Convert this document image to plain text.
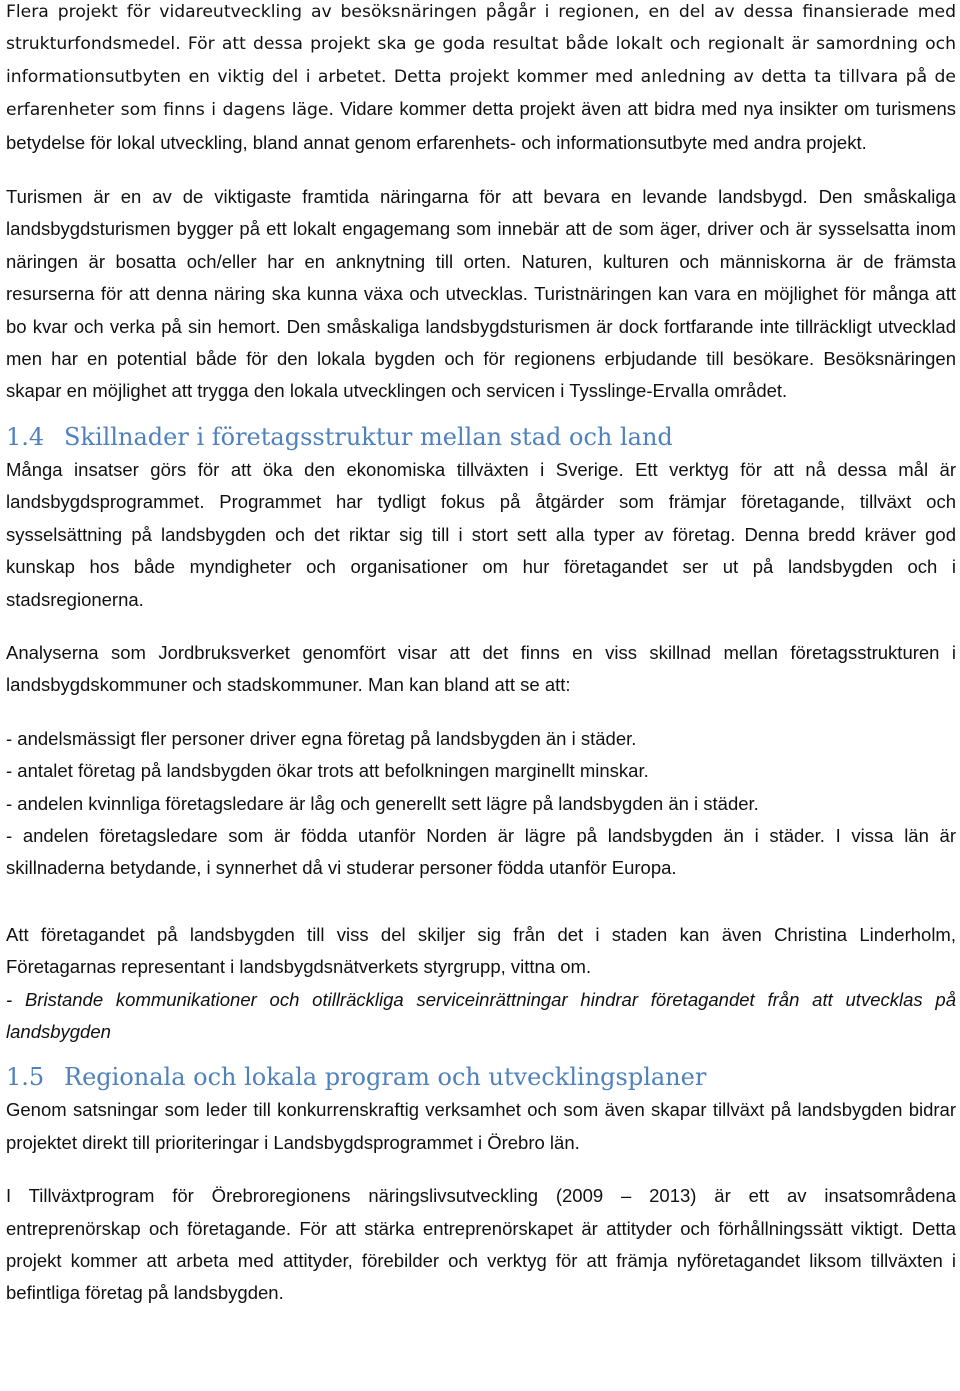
Flera projekt för vidareutveckling av besöksnäringen pågår i regionen, en del av dessa finansierade med strukturfondsmedel. För att dessa projekt ska ge goda resultat både lokalt och regionalt är samordning och informationsutbyten en viktig del i arbetet. Detta projekt kommer med anledning av detta ta tillvara på de erfarenheter som finns i dagens läge. Vidare kommer detta projekt även att bidra med nya insikter om turismens betydelse för lokal utveckling, bland annat genom erfarenhets- och informationsutbyte med andra projekt.

Turismen är en av de viktigaste framtida näringarna för att bevara en levande landsbygd. Den småskaliga landsbygdsturismen bygger på ett lokalt engagemang som innebär att de som äger, driver och är sysselsatta inom näringen är bosatta och/eller har en anknytning till orten. Naturen, kulturen och människorna är de främsta resurserna för att denna näring ska kunna växa och utvecklas. Turistnäringen kan vara en möjlighet för många att bo kvar och verka på sin hemort. Den småskaliga landsbygdsturismen är dock fortfarande inte tillräckligt utvecklad men har en potential både för den lokala bygden och för regionens erbjudande till besökare. Besöksnäringen skapar en möjlighet att trygga den lokala utvecklingen och servicen i Tysslinge-Ervalla området.

1.4 Skillnader i företagsstruktur mellan stad och land

Många insatser görs för att öka den ekonomiska tillväxten i Sverige. Ett verktyg för att nå dessa mål är landsbygdsprogrammet. Programmet har tydligt fokus på åtgärder som främjar företagande, tillväxt och sysselsättning på landsbygden och det riktar sig till i stort sett alla typer av företag. Denna bredd kräver god kunskap hos både myndigheter och organisationer om hur företagandet ser ut på landsbygden och i stadsregionerna.

Analyserna som Jordbruksverket genomfört visar att det finns en viss skillnad mellan företagsstrukturen i landsbygdskommuner och stadskommuner. Man kan bland att se att:

- andelsmässigt fler personer driver egna företag på landsbygden än i städer.
- antalet företag på landsbygden ökar trots att befolkningen marginellt minskar.
- andelen kvinnliga företagsledare är låg och generellt sett lägre på landsbygden än i städer.
- andelen företagsledare som är födda utanför Norden är lägre på landsbygden än i städer. I vissa län är skillnaderna betydande, i synnerhet då vi studerar personer födda utanför Europa.

Att företagandet på landsbygden till viss del skiljer sig från det i staden kan även Christina Linderholm, Företagarnas representant i landsbygdsnätverkets styrgrupp, vittna om.
- Bristande kommunikationer och otillräckliga serviceinrättningar hindrar företagandet från att utvecklas på landsbygden

1.5 Regionala och lokala program och utvecklingsplaner

Genom satsningar som leder till konkurrenskraftig verksamhet och som även skapar tillväxt på landsbygden bidrar projektet direkt till prioriteringar i Landsbygdsprogrammet i Örebro län.

I Tillväxtprogram för Örebroregionens näringslivsutveckling (2009 – 2013) är ett av insatsområdena entreprenörskap och företagande. För att stärka entreprenörskapet är attityder och förhållningssätt viktigt. Detta projekt kommer att arbeta med attityder, förebilder och verktyg för att främja nyföretagandet liksom tillväxten i befintliga företag på landsbygden.
